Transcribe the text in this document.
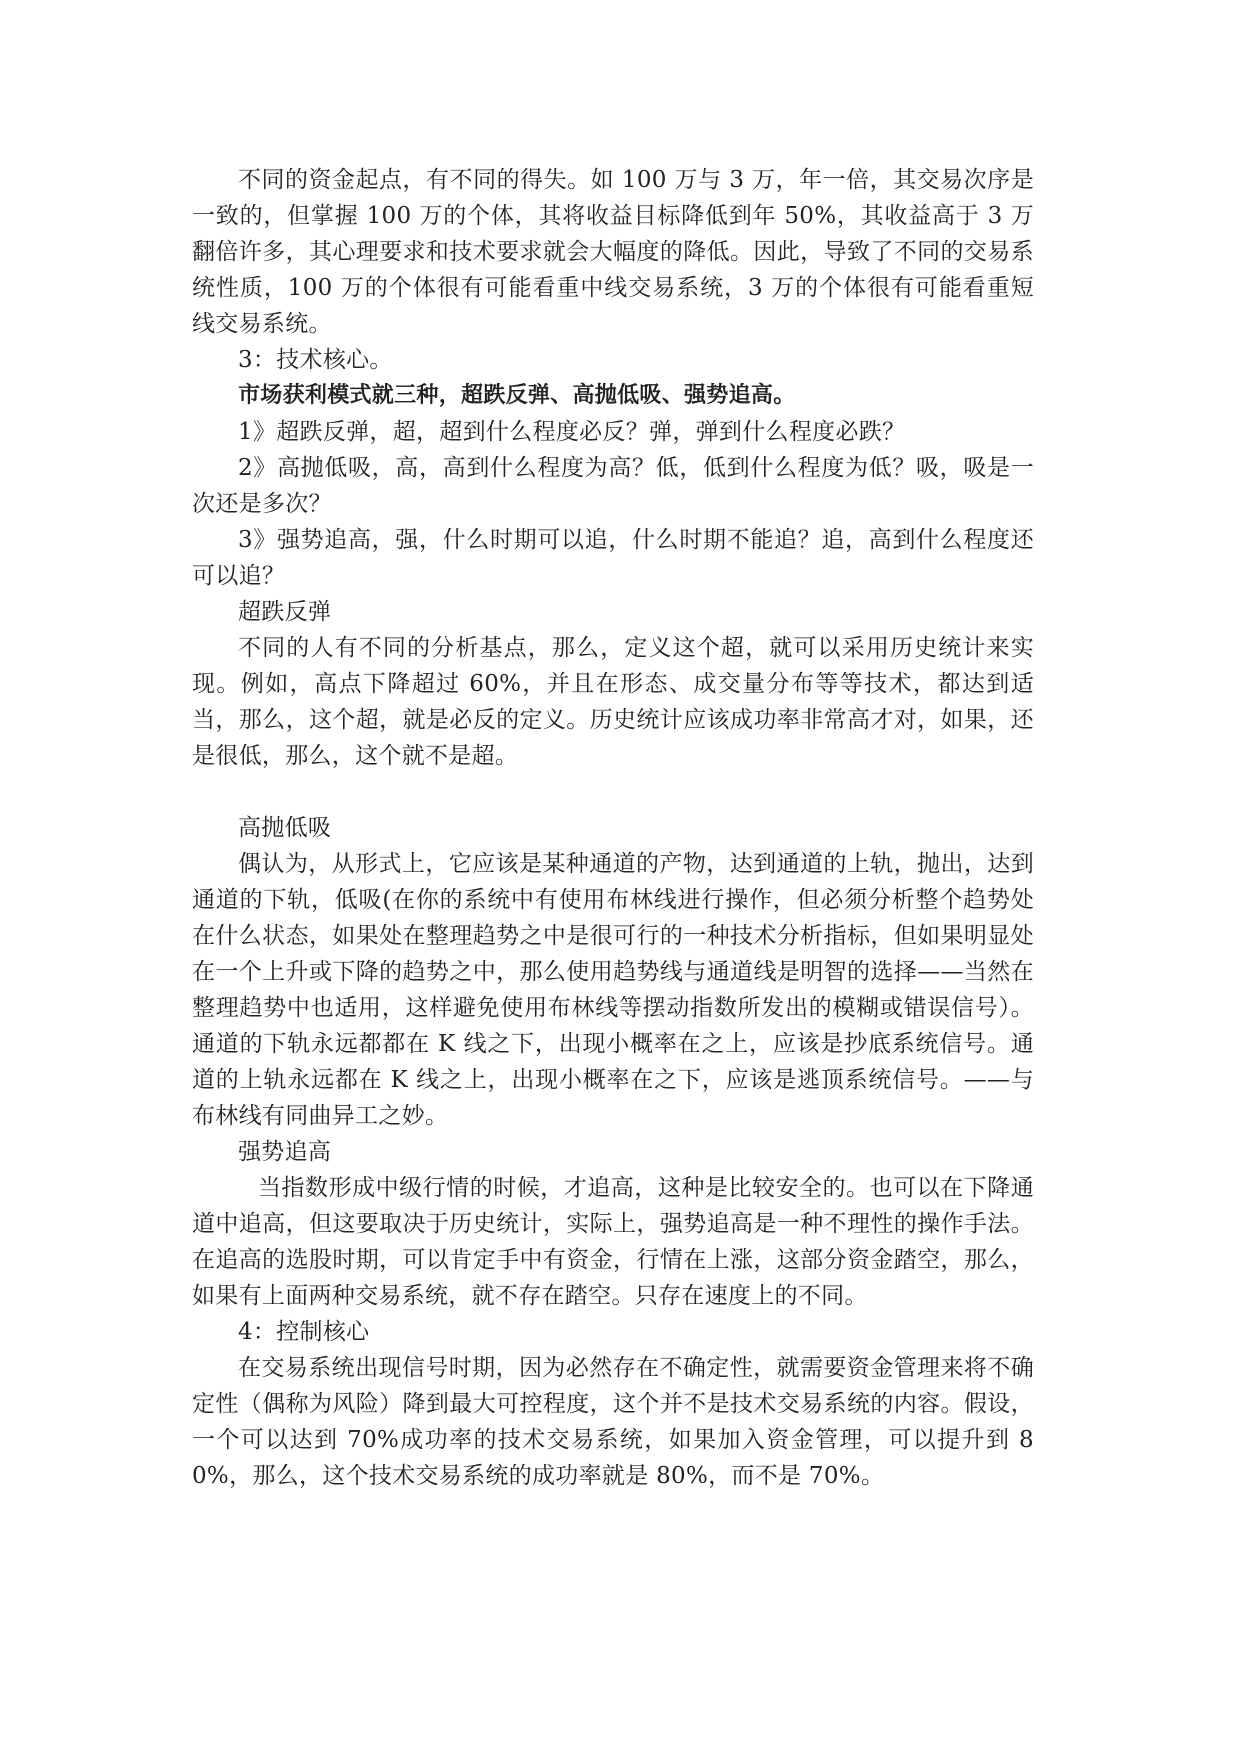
不同的资金起点，有不同的得失。如 100 万与 3 万，年一倍，其交易次序是一致的，但掌握 100 万的个体，其将收益目标降低到年 50%，其收益高于 3 万翻倍许多，其心理要求和技术要求就会大幅度的降低。因此，导致了不同的交易系统性质，100 万的个体很有可能看重中线交易系统，3 万的个体很有可能看重短线交易系统。

3：技术核心。

市场获利模式就三种，超跌反弹、高抛低吸、强势追高。

1》超跌反弹，超，超到什么程度必反？弹，弹到什么程度必跌？

2》高抛低吸，高，高到什么程度为高？低，低到什么程度为低？吸，吸是一次还是多次？

3》强势追高，强，什么时期可以追，什么时期不能追？追，高到什么程度还可以追？

超跌反弹

不同的人有不同的分析基点，那么，定义这个超，就可以采用历史统计来实现。例如，高点下降超过 60%，并且在形态、成交量分布等等技术，都达到适当，那么，这个超，就是必反的定义。历史统计应该成功率非常高才对，如果，还是很低，那么，这个就不是超。

高抛低吸

偶认为，从形式上，它应该是某种通道的产物，达到通道的上轨，抛出，达到通道的下轨，低吸(在你的系统中有使用布林线进行操作，但必须分析整个趋势处在什么状态，如果处在整理趋势之中是很可行的一种技术分析指标，但如果明显处在一个上升或下降的趋势之中，那么使用趋势线与通道线是明智的选择——当然在整理趋势中也适用，这样避免使用布林线等摆动指数所发出的模糊或错误信号）。通道的下轨永远都都在 K 线之下，出现小概率在之上，应该是抄底系统信号。通道的上轨永远都在 K 线之上，出现小概率在之下，应该是逃顶系统信号。——与布林线有同曲异工之妙。

强势追高

当指数形成中级行情的时候，才追高，这种是比较安全的。也可以在下降通道中追高，但这要取决于历史统计，实际上，强势追高是一种不理性的操作手法。在追高的选股时期，可以肯定手中有资金，行情在上涨，这部分资金踏空，那么，如果有上面两种交易系统，就不存在踏空。只存在速度上的不同。

4：控制核心

在交易系统出现信号时期，因为必然存在不确定性，就需要资金管理来将不确定性（偶称为风险）降到最大可控程度，这个并不是技术交易系统的内容。假设，一个可以达到 70%成功率的技术交易系统，如果加入资金管理，可以提升到 80%，那么，这个技术交易系统的成功率就是 80%，而不是 70%。
